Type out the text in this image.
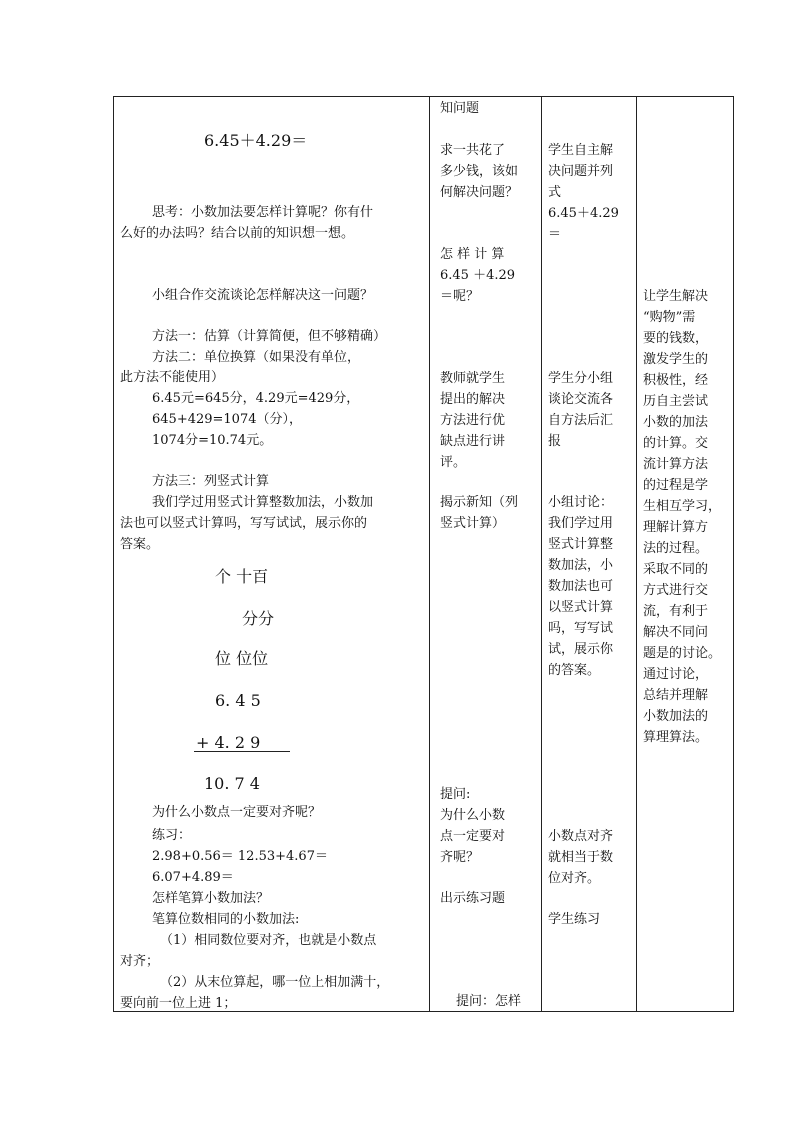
6.45＋4.29＝
思考：小数加法要怎样计算呢？你有什
么好的办法吗？结合以前的知识想一想。
小组合作交流谈论怎样解决这一问题？
方法一：估算（计算简便，但不够精确）
方法二：单位换算（如果没有单位，
此方法不能使用）
6.45元=645分，4.29元=429分，
645+429=1074（分），
1074分=10.74元。
方法三：列竖式计算
我们学过用竖式计算整数加法，小数加
法也可以竖式计算吗，写写试试，展示你的
答案。
个 十百
分分
位 位位
6. 4 5
+ 4. 2 9
10. 7 4
为什么小数点一定要对齐呢？
练习：
2.98+0.56＝ 12.53+4.67＝
6.07+4.89＝
怎样笔算小数加法？
笔算位数相同的小数加法:
（1）相同数位要对齐，也就是小数点
对齐；
（2）从末位算起，哪一位上相加满十，
要向前一位上进 1；
知问题
求一共花了
多少钱，该如
何解决问题？
怎 样 计 算
6.45 ＋4.29
＝呢？
教师就学生
提出的解决
方法进行优
缺点进行讲
评。
揭示新知（列
竖式计算）
提问:
为什么小数
点一定要对
齐呢？
出示练习题
提问：怎样
学生自主解
决问题并列
式
6.45＋4.29
＝
学生分小组
谈论交流各
自方法后汇
报
小组讨论：
我们学过用
竖式计算整
数加法，小
数加法也可
以竖式计算
吗，写写试
试，展示你
的答案。
小数点对齐
就相当于数
位对齐。
学生练习
让学生解决
“购物”需
要的钱数，
激发学生的
积极性，经
历自主尝试
小数的加法
的计算。交
流计算方法
的过程是学
生相互学习，
理解计算方
法的过程。
采取不同的
方式进行交
流，有利于
解决不同问
题是的讨论。
通过讨论，
总结并理解
小数加法的
算理算法。
